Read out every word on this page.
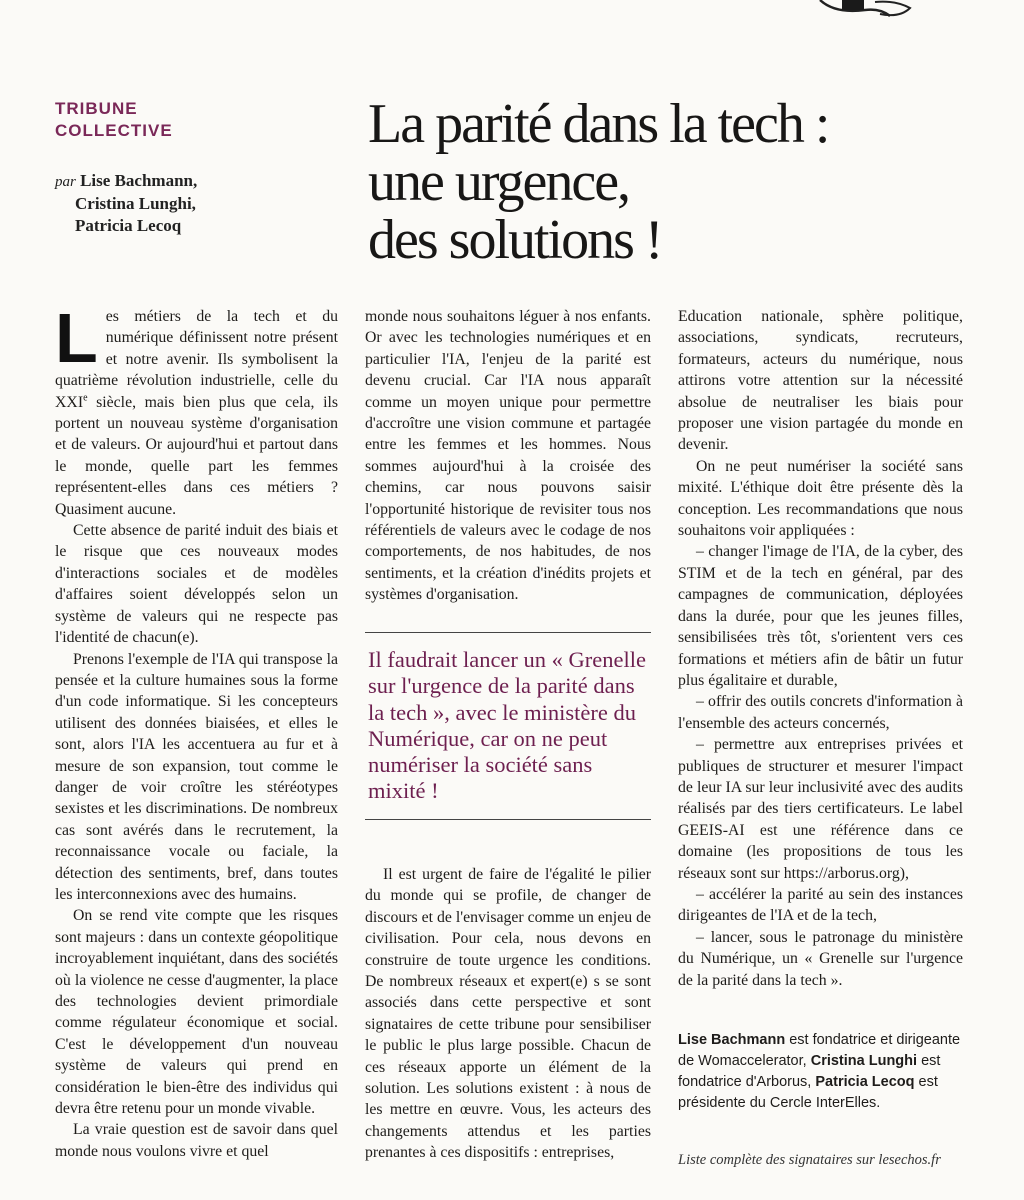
TRIBUNE
COLLECTIVE
par Lise Bachmann,
Cristina Lunghi,
Patricia Lecoq
La parité dans la tech :
une urgence,
des solutions !

Les métiers de la tech et du numérique définissent notre présent et notre avenir. Ils symbolisent la quatrième révolution industrielle, celle du XXIe siècle, mais bien plus que cela, ils portent un nouveau système d'organisation et de valeurs. Or aujourd'hui et partout dans le monde, quelle part les femmes représentent-elles dans ces métiers ? Quasiment aucune.

Cette absence de parité induit des biais et le risque que ces nouveaux modes d'interactions sociales et de modèles d'affaires soient développés selon un système de valeurs qui ne respecte pas l'identité de chacun(e).

Prenons l'exemple de l'IA qui transpose la pensée et la culture humaines sous la forme d'un code informatique. Si les concepteurs utilisent des données biaisées, et elles le sont, alors l'IA les accentuera au fur et à mesure de son expansion, tout comme le danger de voir croître les stéréotypes sexistes et les discriminations. De nombreux cas sont avérés dans le recrutement, la reconnaissance vocale ou faciale, la détection des sentiments, bref, dans toutes les interconnexions avec des humains.

On se rend vite compte que les risques sont majeurs : dans un contexte géopolitique incroyablement inquiétant, dans des sociétés où la violence ne cesse d'augmenter, la place des technologies devient primordiale comme régulateur économique et social. C'est le développement d'un nouveau système de valeurs qui prend en considération le bien-être des individus qui devra être retenu pour un monde vivable.

La vraie question est de savoir dans quel monde nous voulons vivre et quel

monde nous souhaitons léguer à nos enfants. Or avec les technologies numériques et en particulier l'IA, l'enjeu de la parité est devenu crucial. Car l'IA nous apparaît comme un moyen unique pour permettre d'accroître une vision commune et partagée entre les femmes et les hommes. Nous sommes aujourd'hui à la croisée des chemins, car nous pouvons saisir l'opportunité historique de revisiter tous nos référentiels de valeurs avec le codage de nos comportements, de nos habitudes, de nos sentiments, et la création d'inédits projets et systèmes d'organisation.

Il faudrait lancer un « Grenelle sur l'urgence de la parité dans la tech », avec le ministère du Numérique, car on ne peut numériser la société sans mixité !

Il est urgent de faire de l'égalité le pilier du monde qui se profile, de changer de discours et de l'envisager comme un enjeu de civilisation. Pour cela, nous devons en construire de toute urgence les conditions. De nombreux réseaux et expert(e) s se sont associés dans cette perspective et sont signataires de cette tribune pour sensibiliser le public le plus large possible. Chacun de ces réseaux apporte un élément de la solution. Les solutions existent : à nous de les mettre en œuvre. Vous, les acteurs des changements attendus et les parties prenantes à ces dispositifs : entreprises,

Education nationale, sphère politique, associations, syndicats, recruteurs, formateurs, acteurs du numérique, nous attirons votre attention sur la nécessité absolue de neutraliser les biais pour proposer une vision partagée du monde en devenir.

On ne peut numériser la société sans mixité. L'éthique doit être présente dès la conception. Les recommandations que nous souhaitons voir appliquées :

– changer l'image de l'IA, de la cyber, des STIM et de la tech en général, par des campagnes de communication, déployées dans la durée, pour que les jeunes filles, sensibilisées très tôt, s'orientent vers ces formations et métiers afin de bâtir un futur plus égalitaire et durable,

– offrir des outils concrets d'information à l'ensemble des acteurs concernés,

– permettre aux entreprises privées et publiques de structurer et mesurer l'impact de leur IA sur leur inclusivité avec des audits réalisés par des tiers certificateurs. Le label GEEIS-AI est une référence dans ce domaine (les propositions de tous les réseaux sont sur https://arborus.org),

– accélérer la parité au sein des instances dirigeantes de l'IA et de la tech,

– lancer, sous le patronage du ministère du Numérique, un « Grenelle sur l'urgence de la parité dans la tech ».

Lise Bachmann est fondatrice et dirigeante de Womaccelerator, Cristina Lunghi est fondatrice d'Arborus, Patricia Lecoq est présidente du Cercle InterElles.
Liste complète des signataires sur lesechos.fr
